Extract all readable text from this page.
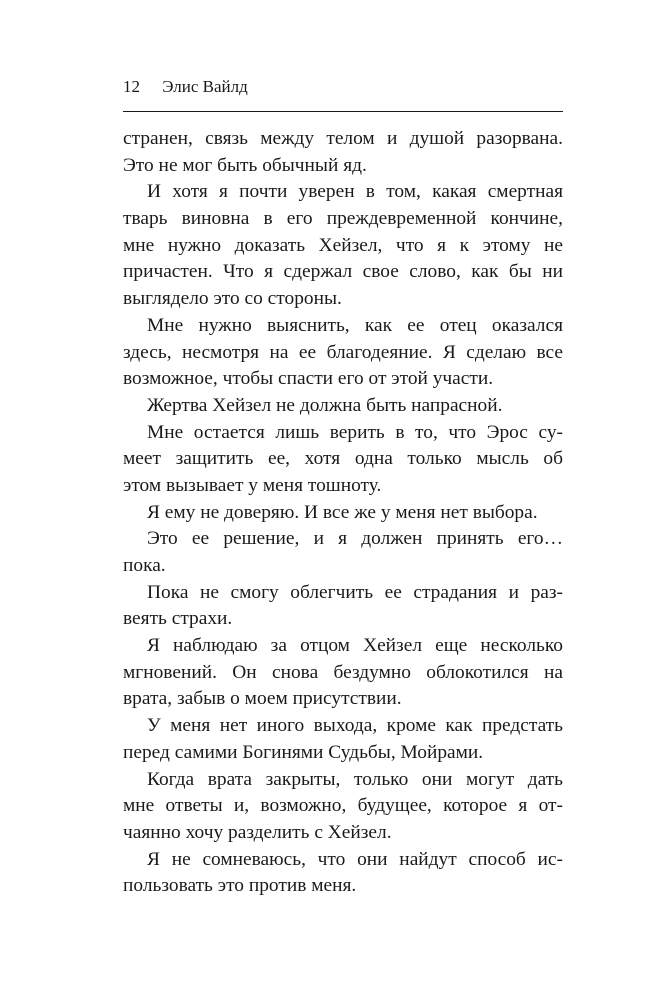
12 Элис Вайлд
странен, связь между телом и душой разорвана.
Это не мог быть обычный яд.
И хотя я почти уверен в том, какая смертная
тварь виновна в его преждевременной кончине,
мне нужно доказать Хейзел, что я к этому не
причастен. Что я сдержал свое слово, как бы ни
выглядело это со стороны.
Мне нужно выяснить, как ее отец оказался
здесь, несмотря на ее благодеяние. Я сделаю все
возможное, чтобы спасти его от этой участи.
Жертва Хейзел не должна быть напрасной.
Мне остается лишь верить в то, что Эрос су-
меет защитить ее, хотя одна только мысль об
этом вызывает у меня тошноту.
Я ему не доверяю. И все же у меня нет выбора.
Это ее решение, и я должен принять его…
пока.
Пока не смогу облегчить ее страдания и раз-
веять страхи.
Я наблюдаю за отцом Хейзел еще несколько
мгновений. Он снова бездумно облокотился на
врата, забыв о моем присутствии.
У меня нет иного выхода, кроме как предстать
перед самими Богинями Судьбы, Мойрами.
Когда врата закрыты, только они могут дать
мне ответы и, возможно, будущее, которое я от-
чаянно хочу разделить с Хейзел.
Я не сомневаюсь, что они найдут способ ис-
пользовать это против меня.
